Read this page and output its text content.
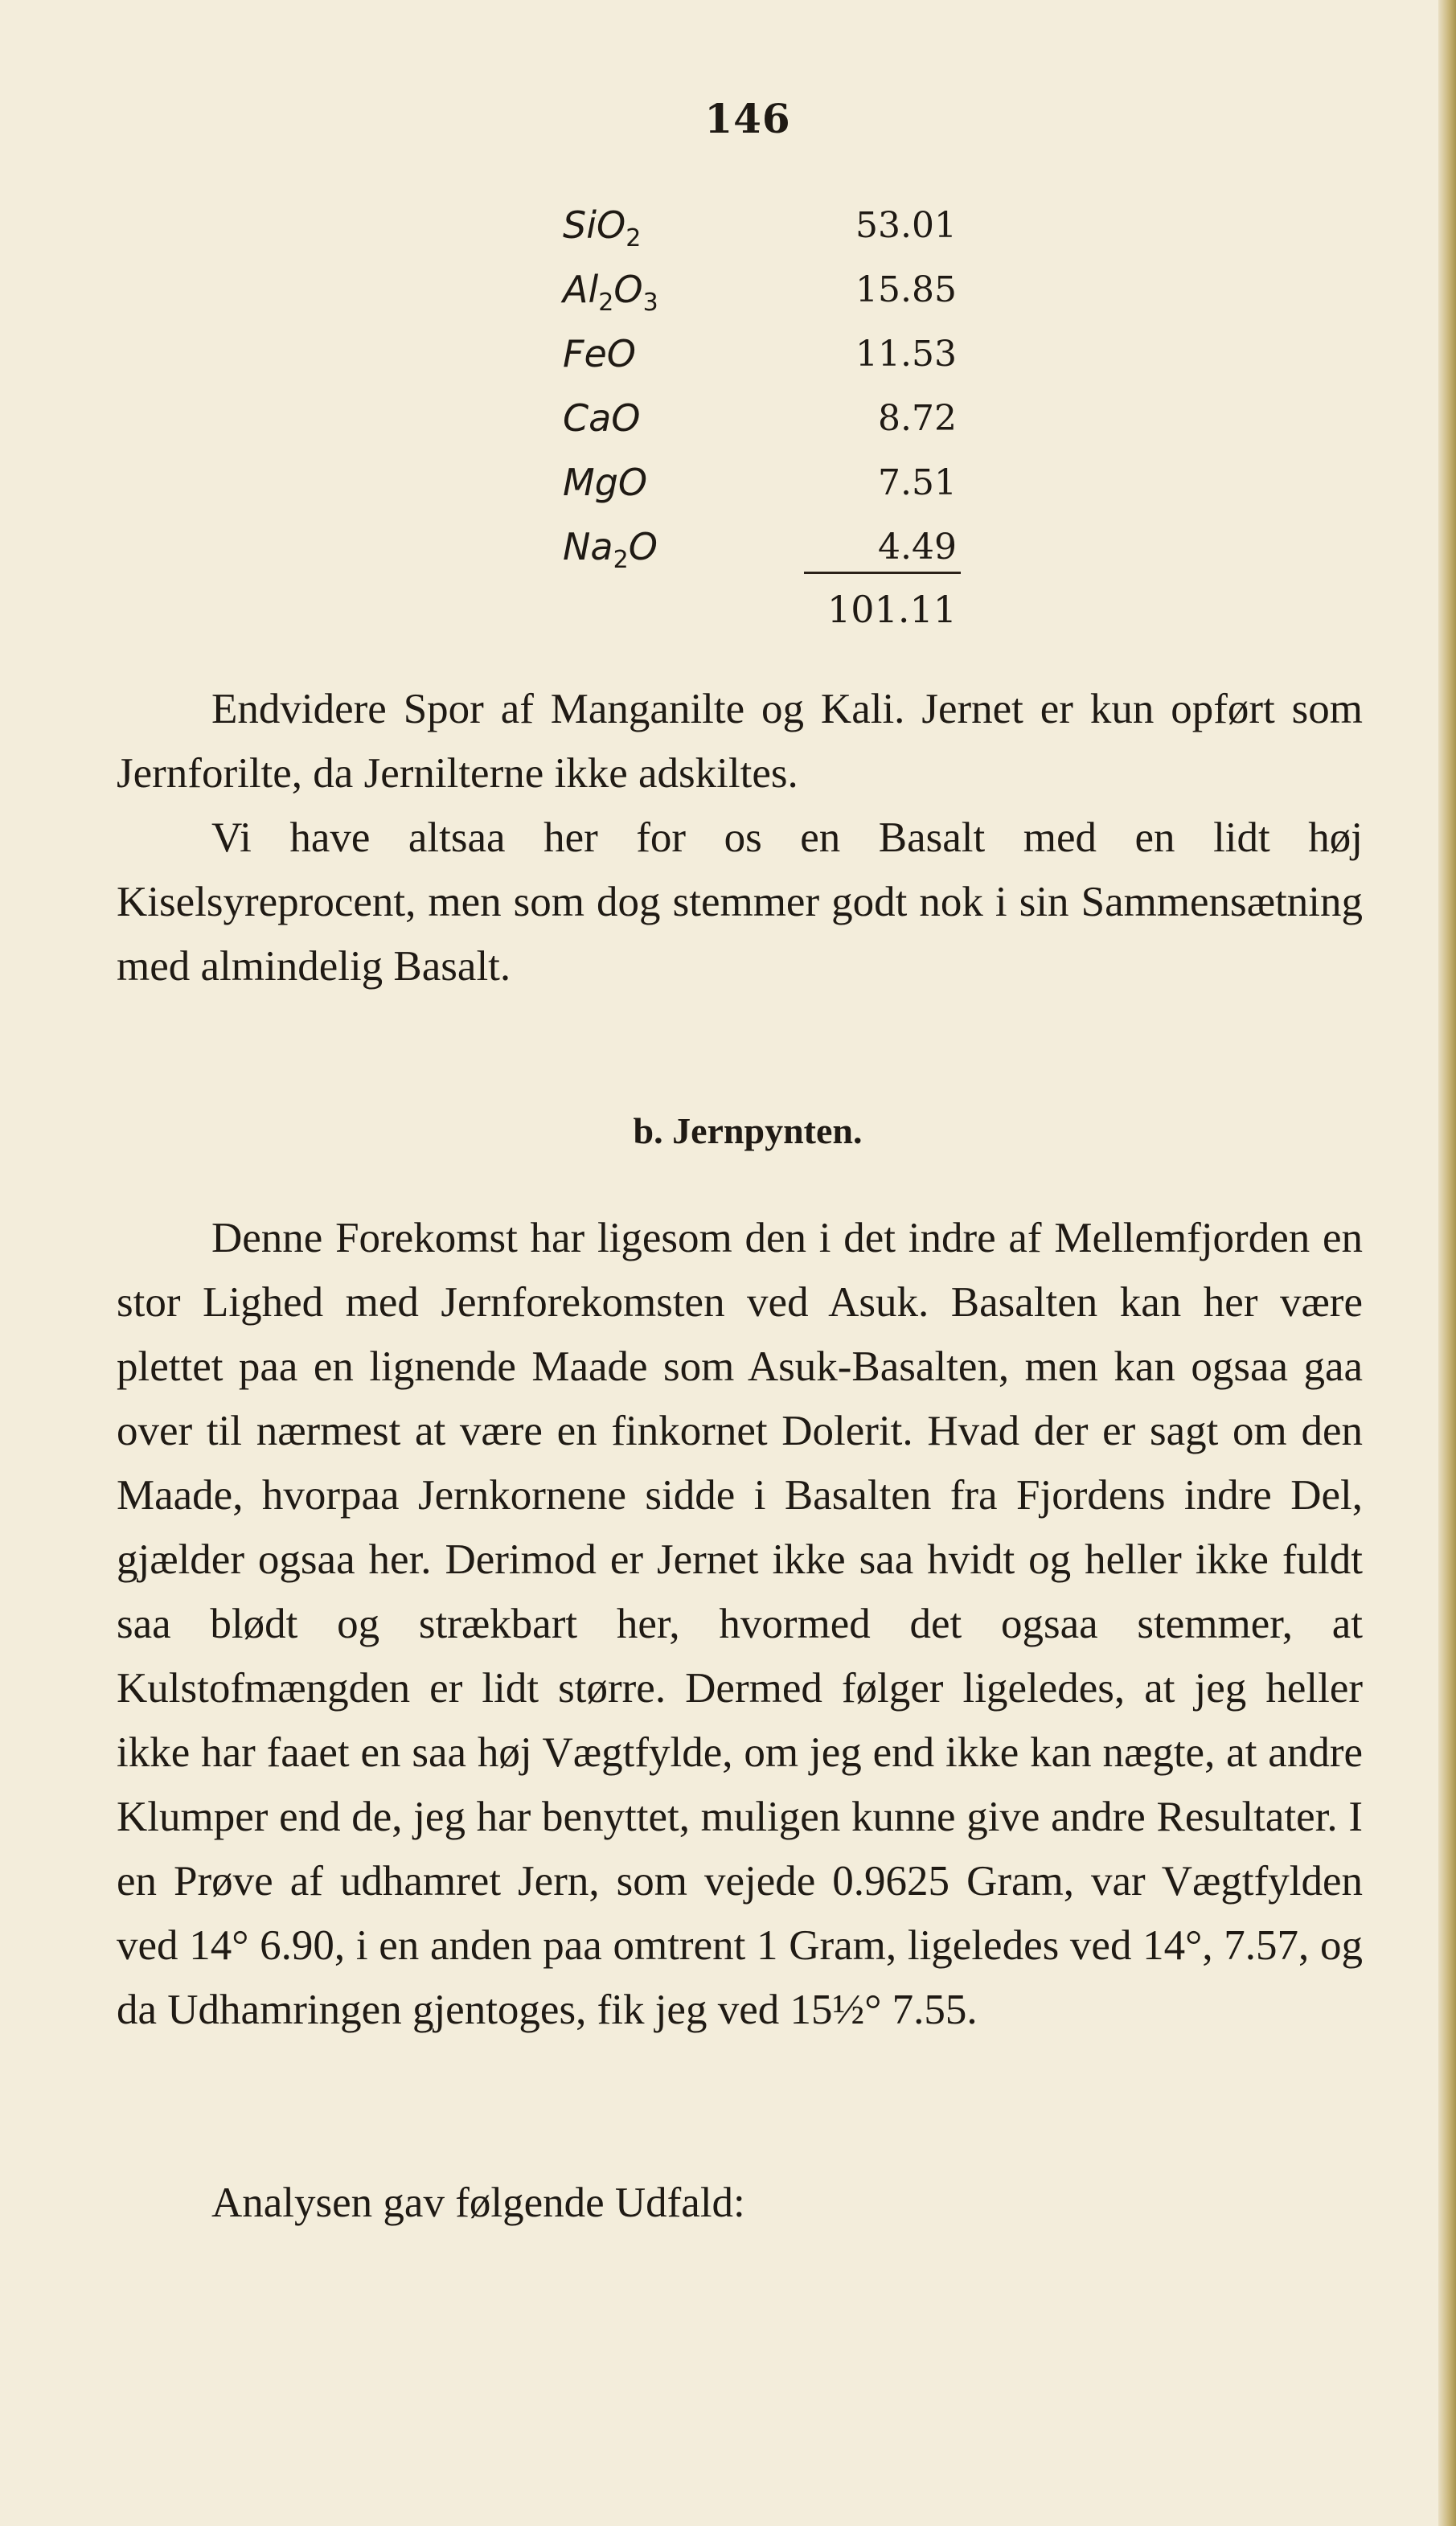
146
SiO$_2$	53.01
$Al_2O_3$	15.85
FeO	11.53
CaO	8.72
MgO	7.51
$Na_2O$	4.49
101.11

Endvidere Spor af Manganilte og Kali. Jernet er kun opført som Jernforilte, da Jernilterne ikke adskiltes.

Vi have altsaa her for os en Basalt med en lidt høj Kiselsyreprocent, men som dog stemmer godt nok i sin Sammensætning med almindelig Basalt.

b. Jernpynten.

Denne Forekomst har ligesom den i det indre af Mellemfjorden en stor Lighed med Jernforekomsten ved Asuk. Basalten kan her være plettet paa en lignende Maade som Asuk-Basalten, men kan ogsaa gaa over til nærmest at være en finkornet Dolerit. Hvad der er sagt om den Maade, hvorpaa Jernkornene sidde i Basalten fra Fjordens indre Del, gjælder ogsaa her. Derimod er Jernet ikke saa hvidt og heller ikke fuldt saa blødt og strækbart her, hvormed det ogsaa stemmer, at Kulstofmængden er lidt større. Dermed følger ligeledes, at jeg heller ikke har faaet en saa høj Vægtfylde, om jeg end ikke kan nægte, at andre Klumper end de, jeg har benyttet, muligen kunne give andre Resultater. I en Prøve af udhamret Jern, som vejede 0.9625 Gram, var Vægtfylden ved 14° 6.90, i en anden paa omtrent 1 Gram, ligeledes ved 14°, 7.57, og da Udhamringen gjentoges, fik jeg ved 15½° 7.55.

Analysen gav følgende Udfald:
